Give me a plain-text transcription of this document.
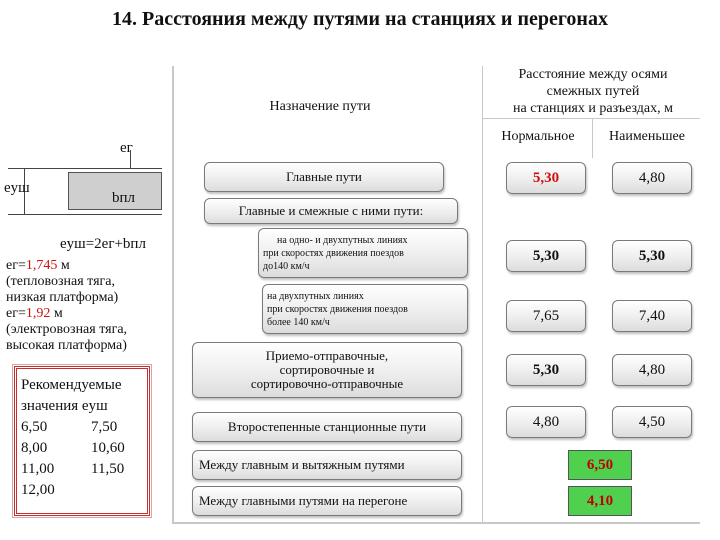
14. Расстояния между путями на станциях и перегонах
Назначение пути
Расстояние между осями
смежных путей
на станциях и разъездах, м
Нормальное	Наименьшее
Главные пути	5,30	4,80
Главные и смежные с ними пути:
на одно- и двухпутных линиях
при скоростях движения поездов
до140 км/ч
5,30	5,30
на двухпутных линиях
при скоростях движения поездов
более 140 км/ч	7,65	7,40
Приемо-отправочные,
сортировочные и
сортировочно-отправочные
5,30	4,80
Второстепенные станционные пути	4,80	4,50
Между главным и вытяжным путями	6,50
Между главными путями на перегоне	4,10
eуш
eг
bпл
eуш=2eг+bпл
eг=1,745 м
(тепловозная тяга,
низкая платформа)
eг=1,92 м
(электровозная тяга,
высокая платформа)
Рекомендуемые
значения eуш
6,50	7,50
8,00	10,60
11,00	11,50
12,00
